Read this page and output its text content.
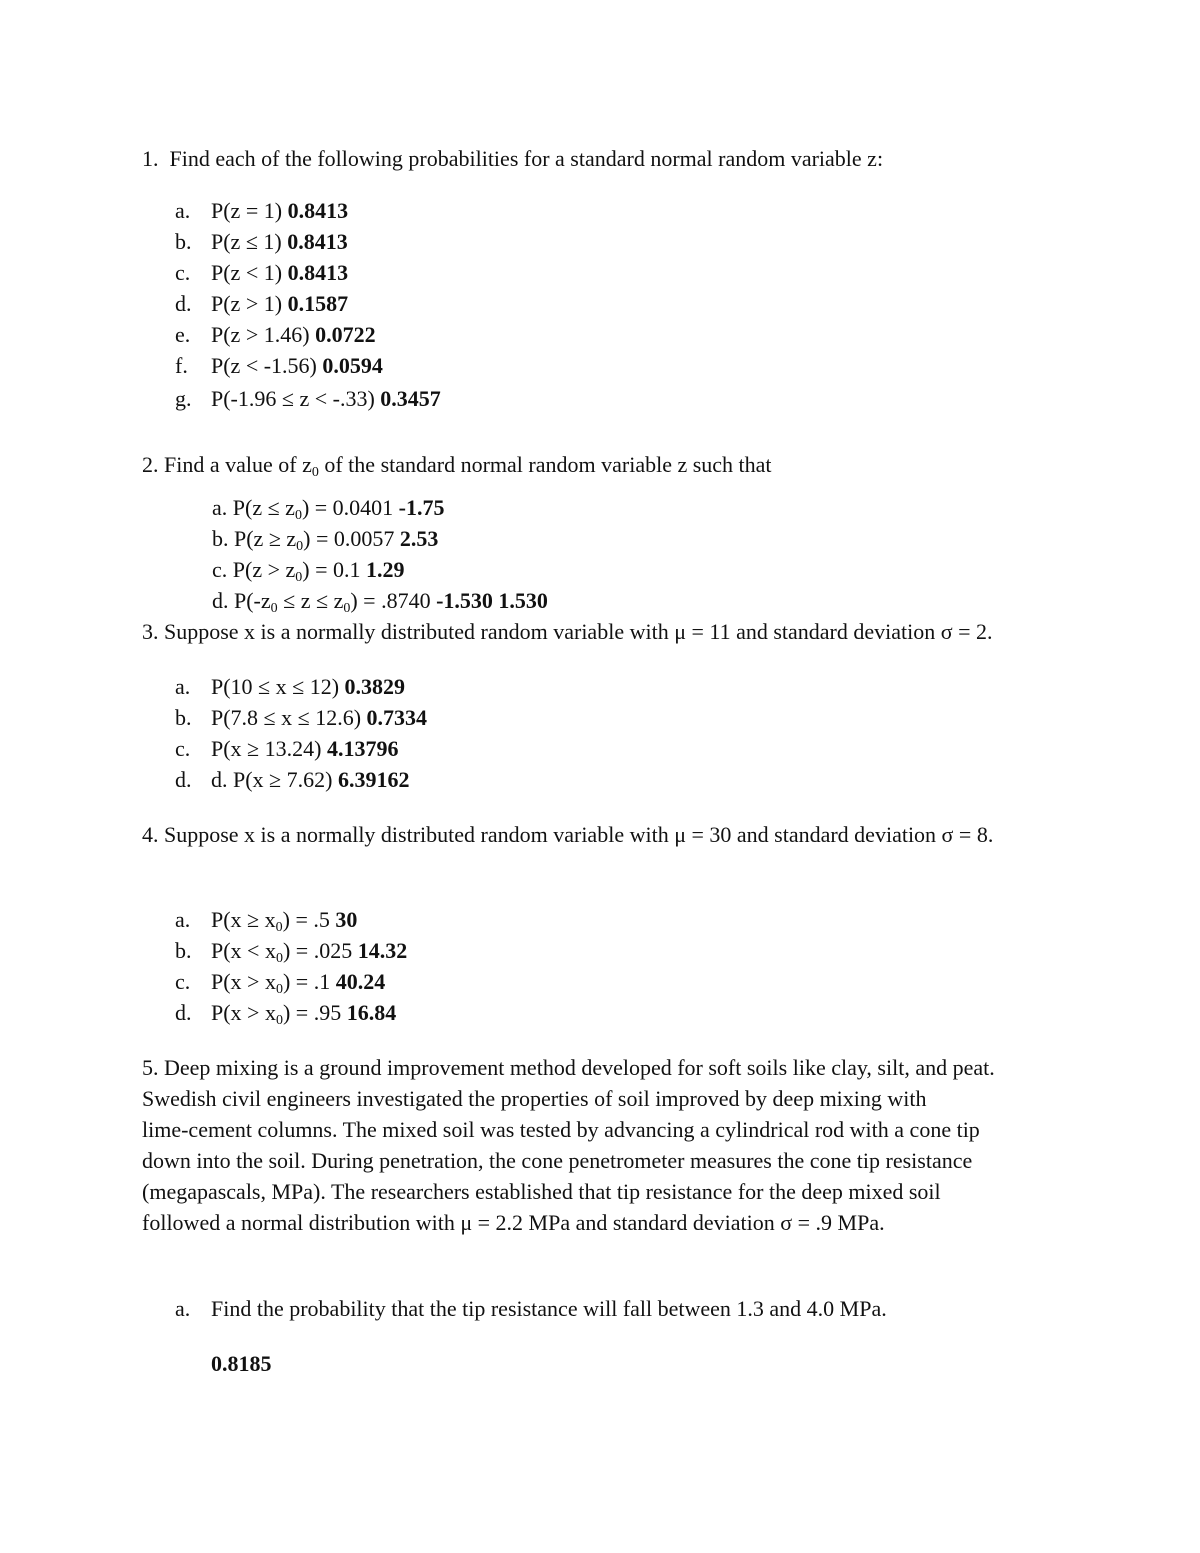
1. Find each of the following probabilities for a standard normal random variable z:
a. P(z = 1) 0.8413
b. P(z ≤ 1) 0.8413
c. P(z < 1) 0.8413
d. P(z > 1) 0.1587
e. P(z > 1.46) 0.0722
f. P(z < -1.56) 0.0594
g. P(-1.96 ≤ z < -.33) 0.3457
2. Find a value of $z_0$ of the standard normal random variable z such that
a. $P(z \le z_0) = 0.0401$ -1.75
b. $P(z \ge z_0) = 0.0057$ 2.53
c. $P(z > z_0) = 0.1$ 1.29
d. $P(-z_0 \le z \le z_0) = .8740$ -1.530 1.530
3. Suppose x is a normally distributed random variable with μ = 11 and standard deviation σ = 2.
a. P(10 ≤ x ≤ 12) 0.3829
b. P(7.8 ≤ x ≤ 12.6) 0.7334
c. P(x ≥ 13.24) 4.13796
d. d. P(x ≥ 7.62) 6.39162
4. Suppose x is a normally distributed random variable with μ = 30 and standard deviation σ = 8.
a. $P(x \ge x_0) = .5$ 30
b. $P(x < x_0) = .025$ 14.32
c. $P(x > x_0) = .1$ 40.24
d. $P(x > x_0) = .95$ 16.84
5. Deep mixing is a ground improvement method developed for soft soils like clay, silt, and peat.
Swedish civil engineers investigated the properties of soil improved by deep mixing with
lime-cement columns. The mixed soil was tested by advancing a cylindrical rod with a cone tip
down into the soil. During penetration, the cone penetrometer measures the cone tip resistance
(megapascals, MPa). The researchers established that tip resistance for the deep mixed soil
followed a normal distribution with μ = 2.2 MPa and standard deviation σ = .9 MPa.
a. Find the probability that the tip resistance will fall between 1.3 and 4.0 MPa.
0.8185
